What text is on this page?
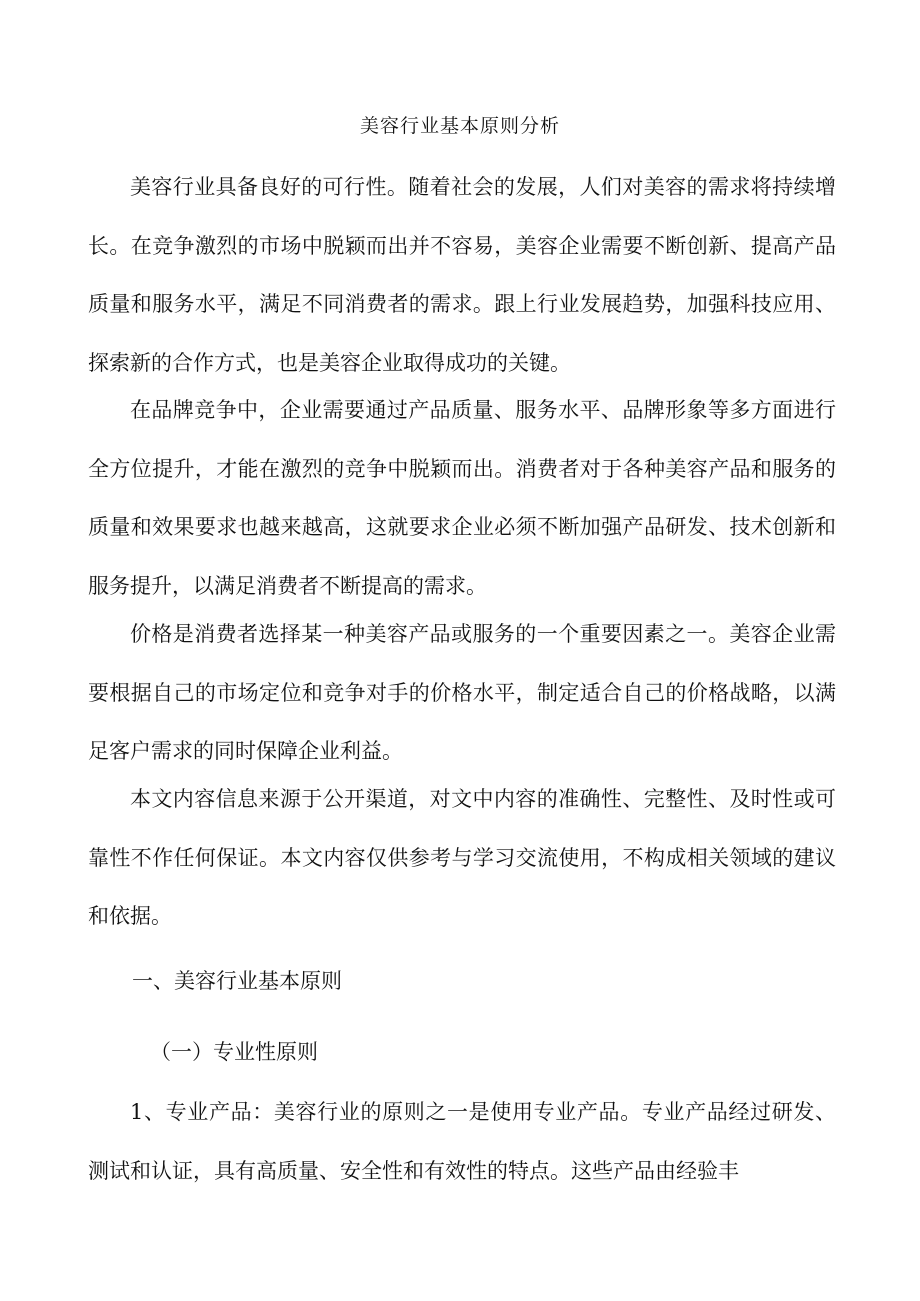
美容行业基本原则分析

美容行业具备良好的可行性。随着社会的发展，人们对美容的需求将持续增长。在竞争激烈的市场中脱颖而出并不容易，美容企业需要不断创新、提高产品质量和服务水平，满足不同消费者的需求。跟上行业发展趋势，加强科技应用、探索新的合作方式，也是美容企业取得成功的关键。

在品牌竞争中，企业需要通过产品质量、服务水平、品牌形象等多方面进行全方位提升，才能在激烈的竞争中脱颖而出。消费者对于各种美容产品和服务的质量和效果要求也越来越高，这就要求企业必须不断加强产品研发、技术创新和服务提升，以满足消费者不断提高的需求。

价格是消费者选择某一种美容产品或服务的一个重要因素之一。美容企业需要根据自己的市场定位和竞争对手的价格水平，制定适合自己的价格战略，以满足客户需求的同时保障企业利益。

本文内容信息来源于公开渠道，对文中内容的准确性、完整性、及时性或可靠性不作任何保证。本文内容仅供参考与学习交流使用，不构成相关领域的建议和依据。

一、美容行业基本原则

（一）专业性原则

1、专业产品：美容行业的原则之一是使用专业产品。专业产品经过研发、测试和认证，具有高质量、安全性和有效性的特点。这些产品由经验丰
